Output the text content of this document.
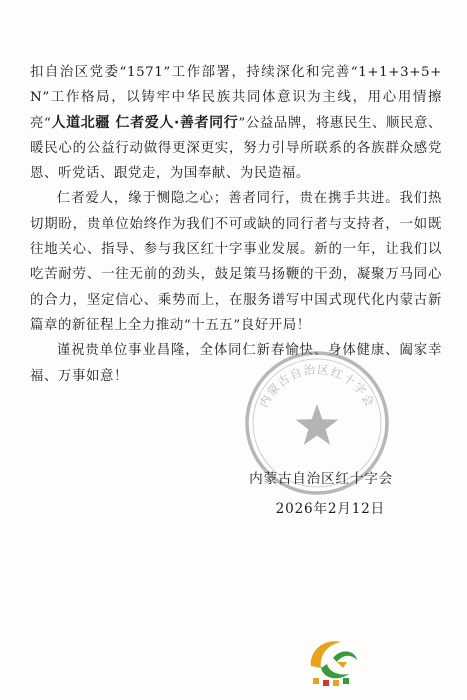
扣自治区党委“1571”工作部署，持续深化和完善“1+1+3+5+N”工作格局，以铸牢中华民族共同体意识为主线，用心用情擦亮“人道北疆 仁者爱人·善者同行”公益品牌，将惠民生、顺民意、暖民心的公益行动做得更深更实，努力引导所联系的各族群众感党恩、听党话、跟党走，为国奉献、为民造福。

仁者爱人，缘于恻隐之心；善者同行，贵在携手共进。我们热切期盼，贵单位始终作为我们不可或缺的同行者与支持者，一如既往地关心、指导、参与我区红十字事业发展。新的一年，让我们以吃苦耐劳、一往无前的劲头，鼓足策马扬鞭的干劲，凝聚万马同心的合力，坚定信心、乘势而上，在服务谱写中国式现代化内蒙古新篇章的新征程上全力推动“十五五”良好开局！

谨祝贵单位事业昌隆，全体同仁新春愉快、身体健康、阖家幸福、万事如意！

内蒙古自治区红十字会
内蒙古自治区红十字会
2026年2月12日
